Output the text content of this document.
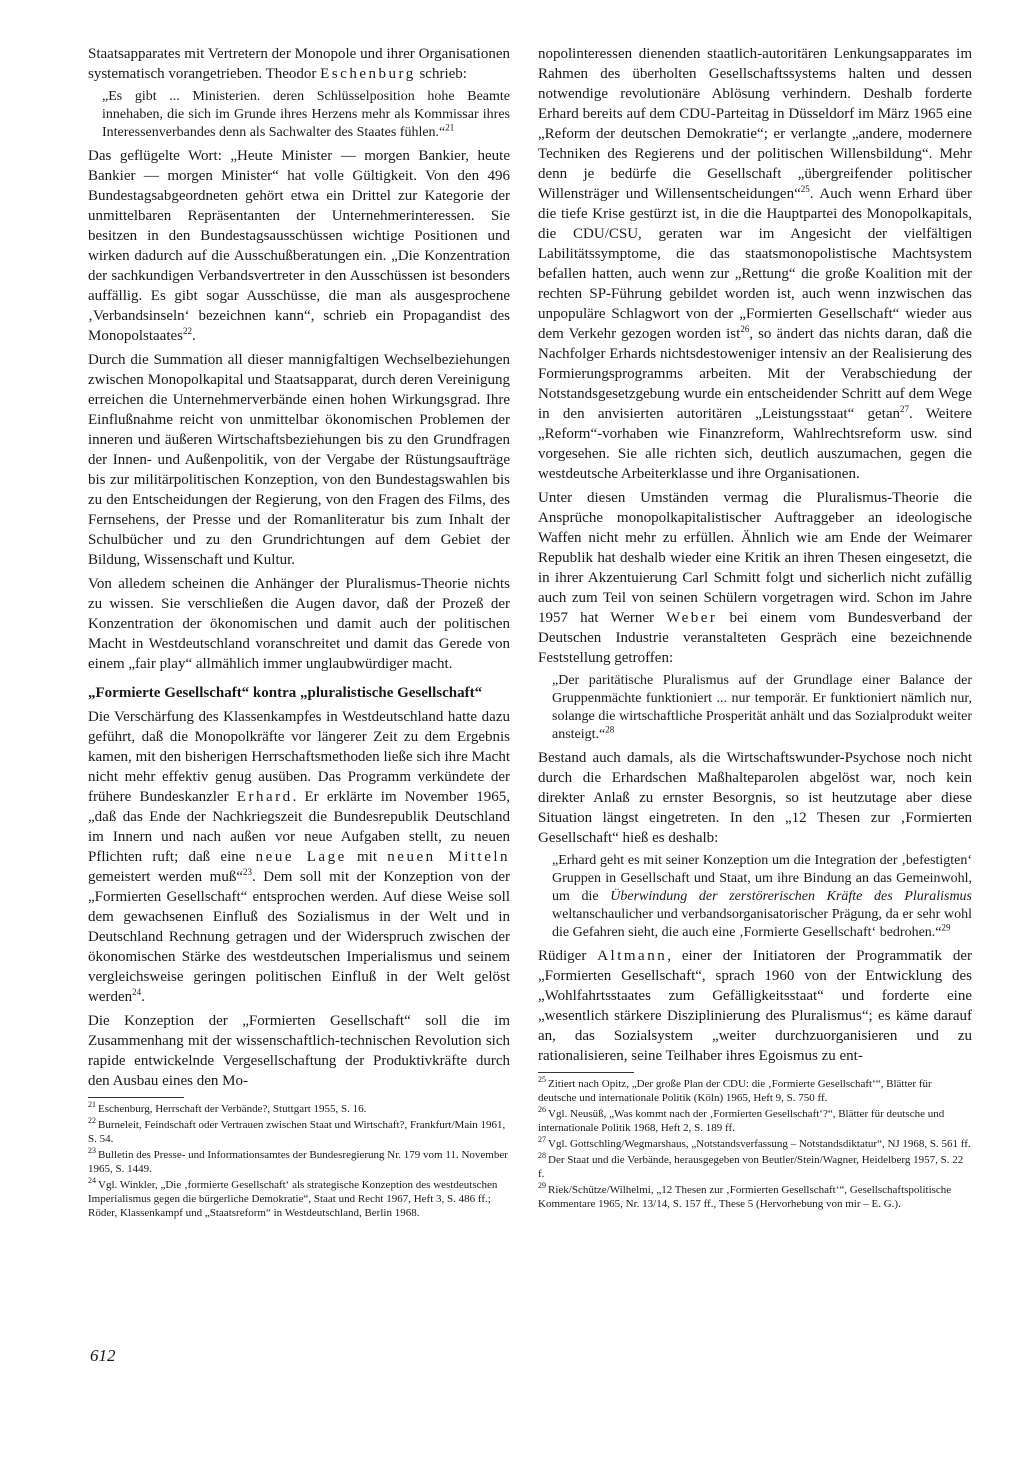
Staatsapparates mit Vertretern der Monopole und ihrer Organisationen systematisch vorangetrieben. Theodor Eschenburg schrieb:

„Es gibt ... Ministerien. deren Schlüsselposition hohe Beamte innehaben, die sich im Grunde ihres Herzens mehr als Kommissar ihres Interessenverbandes denn als Sachwalter des Staates fühlen.“$^{21}$

Das geflügelte Wort: „Heute Minister — morgen Bankier, heute Bankier — morgen Minister“ hat volle Gültigkeit. Von den 496 Bundestagsabgeordneten gehört etwa ein Drittel zur Kategorie der unmittelbaren Repräsentanten der Unternehmerinteressen. Sie besitzen in den Bundestagsausschüssen wichtige Positionen und wirken dadurch auf die Ausschußberatungen ein. „Die Konzentration der sachkundigen Verbandsvertreter in den Ausschüssen ist besonders auffällig. Es gibt sogar Ausschüsse, die man als ausgesprochene ‚Verbandsinseln‘ bezeichnen kann“, schrieb ein Propagandist des Monopolstaates$^{22}$.

Durch die Summation all dieser mannigfaltigen Wechselbeziehungen zwischen Monopolkapital und Staatsapparat, durch deren Vereinigung erreichen die Unternehmerverbände einen hohen Wirkungsgrad. Ihre Einflußnahme reicht von unmittelbar ökonomischen Problemen der inneren und äußeren Wirtschaftsbeziehungen bis zu den Grundfragen der Innen- und Außenpolitik, von der Vergabe der Rüstungsaufträge bis zur militärpolitischen Konzeption, von den Bundestagswahlen bis zu den Entscheidungen der Regierung, von den Fragen des Films, des Fernsehens, der Presse und der Romanliteratur bis zum Inhalt der Schulbücher und zu den Grundrichtungen auf dem Gebiet der Bildung, Wissenschaft und Kultur.

Von alledem scheinen die Anhänger der Pluralismus-Theorie nichts zu wissen. Sie verschließen die Augen davor, daß der Prozeß der Konzentration der ökonomischen und damit auch der politischen Macht in Westdeutschland voranschreitet und damit das Gerede von einem „fair play“ allmählich immer unglaubwürdiger macht.

„Formierte Gesellschaft“ kontra „pluralistische Gesellschaft“

Die Verschärfung des Klassenkampfes in Westdeutschland hatte dazu geführt, daß die Monopolkräfte vor längerer Zeit zu dem Ergebnis kamen, mit den bisherigen Herrschaftsmethoden ließe sich ihre Macht nicht mehr effektiv genug ausüben. Das Programm verkündete der frühere Bundeskanzler Erhard. Er erklärte im November 1965, „daß das Ende der Nachkriegszeit die Bundesrepublik Deutschland im Innern und nach außen vor neue Aufgaben stellt, zu neuen Pflichten ruft; daß eine neue Lage mit neuen Mitteln gemeistert werden muß“$^{23}$. Dem soll mit der Konzeption von der „Formierten Gesellschaft“ entsprochen werden. Auf diese Weise soll dem gewachsenen Einfluß des Sozialismus in der Welt und in Deutschland Rechnung getragen und der Widerspruch zwischen der ökonomischen Stärke des westdeutschen Imperialismus und seinem vergleichsweise geringen politischen Einfluß in der Welt gelöst werden$^{24}$.

Die Konzeption der „Formierten Gesellschaft“ soll die im Zusammenhang mit der wissenschaftlich-technischen Revolution sich rapide entwickelnde Vergesellschaftung der Produktivkräfte durch den Ausbau eines den Mo-

$^{21}$ Eschenburg, Herrschaft der Verbände?, Stuttgart 1955, S. 16.
$^{22}$ Burneleit, Feindschaft oder Vertrauen zwischen Staat und Wirtschaft?, Frankfurt/Main 1961, S. 54.
$^{23}$ Bulletin des Presse- und Informationsamtes der Bundesregierung Nr. 179 vom 11. November 1965, S. 1449.
$^{24}$ Vgl. Winkler, „Die ‚formierte Gesellschaft‘ als strategische Konzeption des westdeutschen Imperialismus gegen die bürgerliche Demokratie“, Staat und Recht 1967, Heft 3, S. 486 ff.; Röder, Klassenkampf und „Staatsreform“ in Westdeutschland, Berlin 1968.

nopolinteressen dienenden staatlich-autoritären Lenkungsapparates im Rahmen des überholten Gesellschaftssystems halten und dessen notwendige revolutionäre Ablösung verhindern. Deshalb forderte Erhard bereits auf dem CDU-Parteitag in Düsseldorf im März 1965 eine „Reform der deutschen Demokratie“; er verlangte „andere, modernere Techniken des Regierens und der politischen Willensbildung“. Mehr denn je bedürfe die Gesellschaft „übergreifender politischer Willensträger und Willensentscheidungen“$^{25}$. Auch wenn Erhard über die tiefe Krise gestürzt ist, in die die Hauptpartei des Monopolkapitals, die CDU/CSU, geraten war im Angesicht der vielfältigen Labilitätssymptome, die das staatsmonopolistische Machtsystem befallen hatten, auch wenn zur „Rettung“ die große Koalition mit der rechten SP-Führung gebildet worden ist, auch wenn inzwischen das unpopuläre Schlagwort von der „Formierten Gesellschaft“ wieder aus dem Verkehr gezogen worden ist$^{26}$, so ändert das nichts daran, daß die Nachfolger Erhards nichtsdestoweniger intensiv an der Realisierung des Formierungsprogramms arbeiten. Mit der Verabschiedung der Notstandsgesetzgebung wurde ein entscheidender Schritt auf dem Wege in den anvisierten autoritären „Leistungsstaat“ getan$^{27}$. Weitere „Reform“-vorhaben wie Finanzreform, Wahlrechtsreform usw. sind vorgesehen. Sie alle richten sich, deutlich auszumachen, gegen die westdeutsche Arbeiterklasse und ihre Organisationen.

Unter diesen Umständen vermag die Pluralismus-Theorie die Ansprüche monopolkapitalistischer Auftraggeber an ideologische Waffen nicht mehr zu erfüllen. Ähnlich wie am Ende der Weimarer Republik hat deshalb wieder eine Kritik an ihren Thesen eingesetzt, die in ihrer Akzentuierung Carl Schmitt folgt und sicherlich nicht zufällig auch zum Teil von seinen Schülern vorgetragen wird. Schon im Jahre 1957 hat Werner Weber bei einem vom Bundesverband der Deutschen Industrie veranstalteten Gespräch eine bezeichnende Feststellung getroffen:

„Der paritätische Pluralismus auf der Grundlage einer Balance der Gruppenmächte funktioniert ... nur temporär. Er funktioniert nämlich nur, solange die wirtschaftliche Prosperität anhält und das Sozialprodukt weiter ansteigt.“$^{28}$

Bestand auch damals, als die Wirtschaftswunder-Psychose noch nicht durch die Erhardschen Maßhalteparolen abgelöst war, noch kein direkter Anlaß zu ernster Besorgnis, so ist heutzutage aber diese Situation längst eingetreten. In den „12 Thesen zur ‚Formierten Gesellschaft“ hieß es deshalb:

„Erhard geht es mit seiner Konzeption um die Integration der ‚befestigten‘ Gruppen in Gesellschaft und Staat, um ihre Bindung an das Gemeinwohl, um die Überwindung der zerstörerischen Kräfte des Pluralismus weltanschaulicher und verbandsorganisatorischer Prägung, da er sehr wohl die Gefahren sieht, die auch eine ‚Formierte Gesellschaft‘ bedrohen.“$^{29}$

Rüdiger Altmann, einer der Initiatoren der Programmatik der „Formierten Gesellschaft“, sprach 1960 von der Entwicklung des „Wohlfahrtsstaates zum Gefälligkeitsstaat“ und forderte eine „wesentlich stärkere Disziplinierung des Pluralismus“; es käme darauf an, das Sozialsystem „weiter durchzuorganisieren und zu rationalisieren, seine Teilhaber ihres Egoismus zu ent-

$^{25}$ Zitiert nach Opitz, „Der große Plan der CDU: die ‚Formierte Gesellschaft‘“, Blätter für deutsche und internationale Politik (Köln) 1965, Heft 9, S. 750 ff.
$^{26}$ Vgl. Neusüß, „Was kommt nach der ‚Formierten Gesellschaft‘?“, Blätter für deutsche und internationale Politik 1968, Heft 2, S. 189 ff.
$^{27}$ Vgl. Gottschling/Wegmarshaus, „Notstandsverfassung – Notstandsdiktatur“, NJ 1968, S. 561 ff.
$^{28}$ Der Staat und die Verbände, herausgegeben von Beutler/Stein/Wagner, Heidelberg 1957, S. 22 f.
$^{29}$ Riek/Schütze/Wilhelmi, „12 Thesen zur ‚Formierten Gesellschaft‘“, Gesellschaftspolitische Kommentare 1965, Nr. 13/14, S. 157 ff., These 5 (Hervorhebung von mir – E. G.).
612
